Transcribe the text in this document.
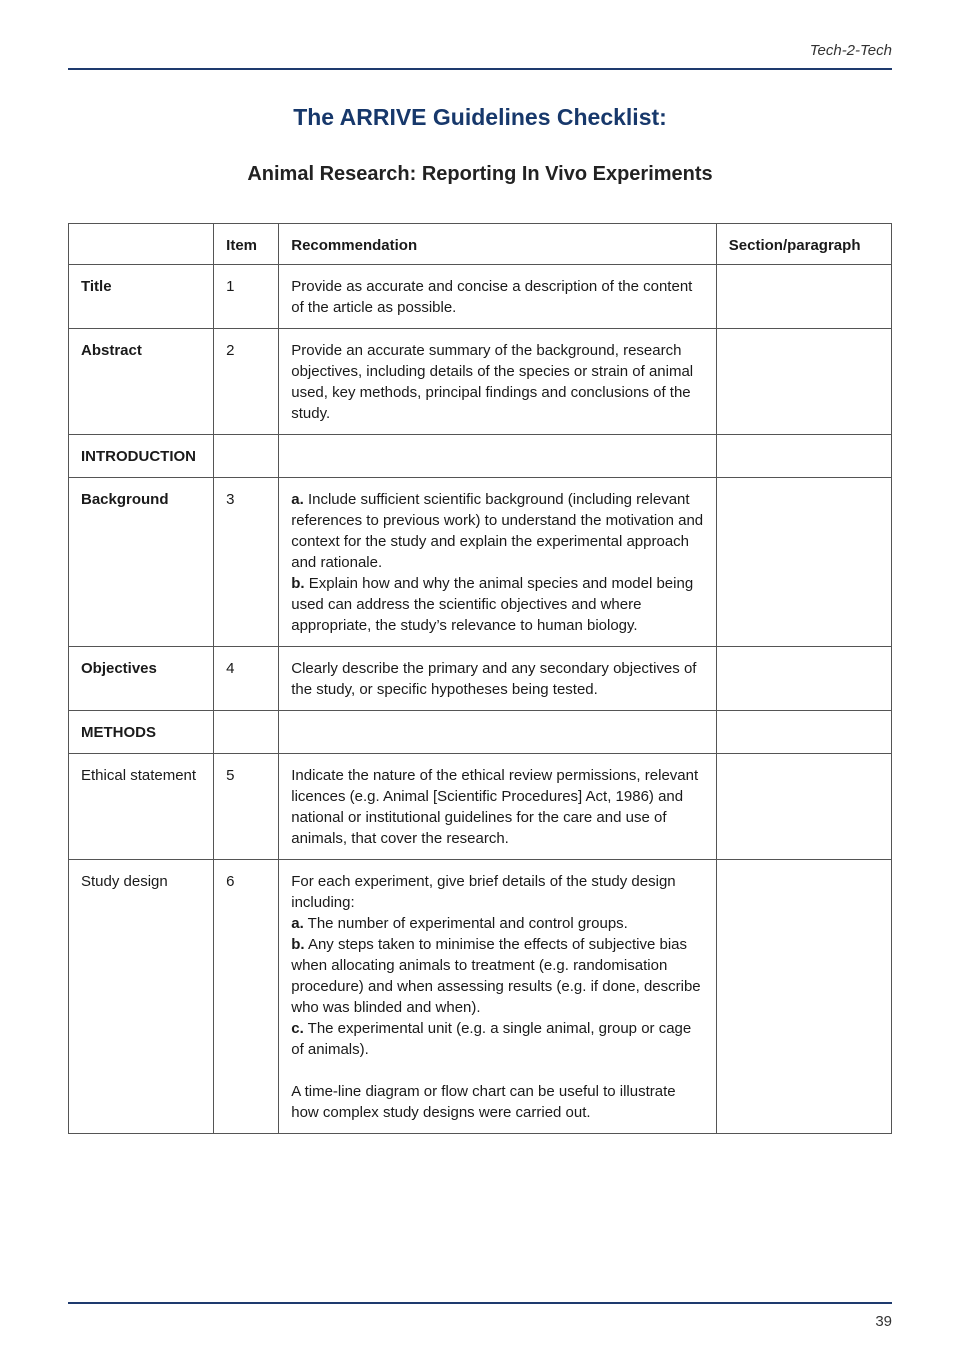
Tech-2-Tech
The ARRIVE Guidelines Checklist:
Animal Research: Reporting In Vivo Experiments
	Item	Recommendation	Section/paragraph
Title	1	Provide as accurate and concise a description of the content of the article as possible.	
Abstract	2	Provide an accurate summary of the background, research objectives, including details of the species or strain of animal used, key methods, principal findings and conclusions of the study.	
INTRODUCTION			
Background	3	a. Include sufficient scientific background (including relevant references to previous work) to understand the motivation and context for the study and explain the experimental approach and rationale.
b. Explain how and why the animal species and model being used can address the scientific objectives and where appropriate, the study’s relevance to human biology.	

Objectives	4	Clearly describe the primary and any secondary objectives of the study, or specific hypotheses being tested.	
METHODS			
Ethical statement	5	Indicate the nature of the ethical review permissions, relevant licences (e.g. Animal [Scientific Procedures] Act, 1986) and national or institutional guidelines for the care and use of animals, that cover the research.	
Study design	6	For each experiment, give brief details of the study design including:
a. The number of experimental and control groups.
b. Any steps taken to minimise the effects of subjective bias when allocating animals to treatment (e.g. randomisation procedure) and when assessing results (e.g. if done, describe who was blinded and when).
c. The experimental unit (e.g. a single animal, group or cage of animals).
A time-line diagram or flow chart can be useful to illustrate how complex study designs were carried out.	

39
